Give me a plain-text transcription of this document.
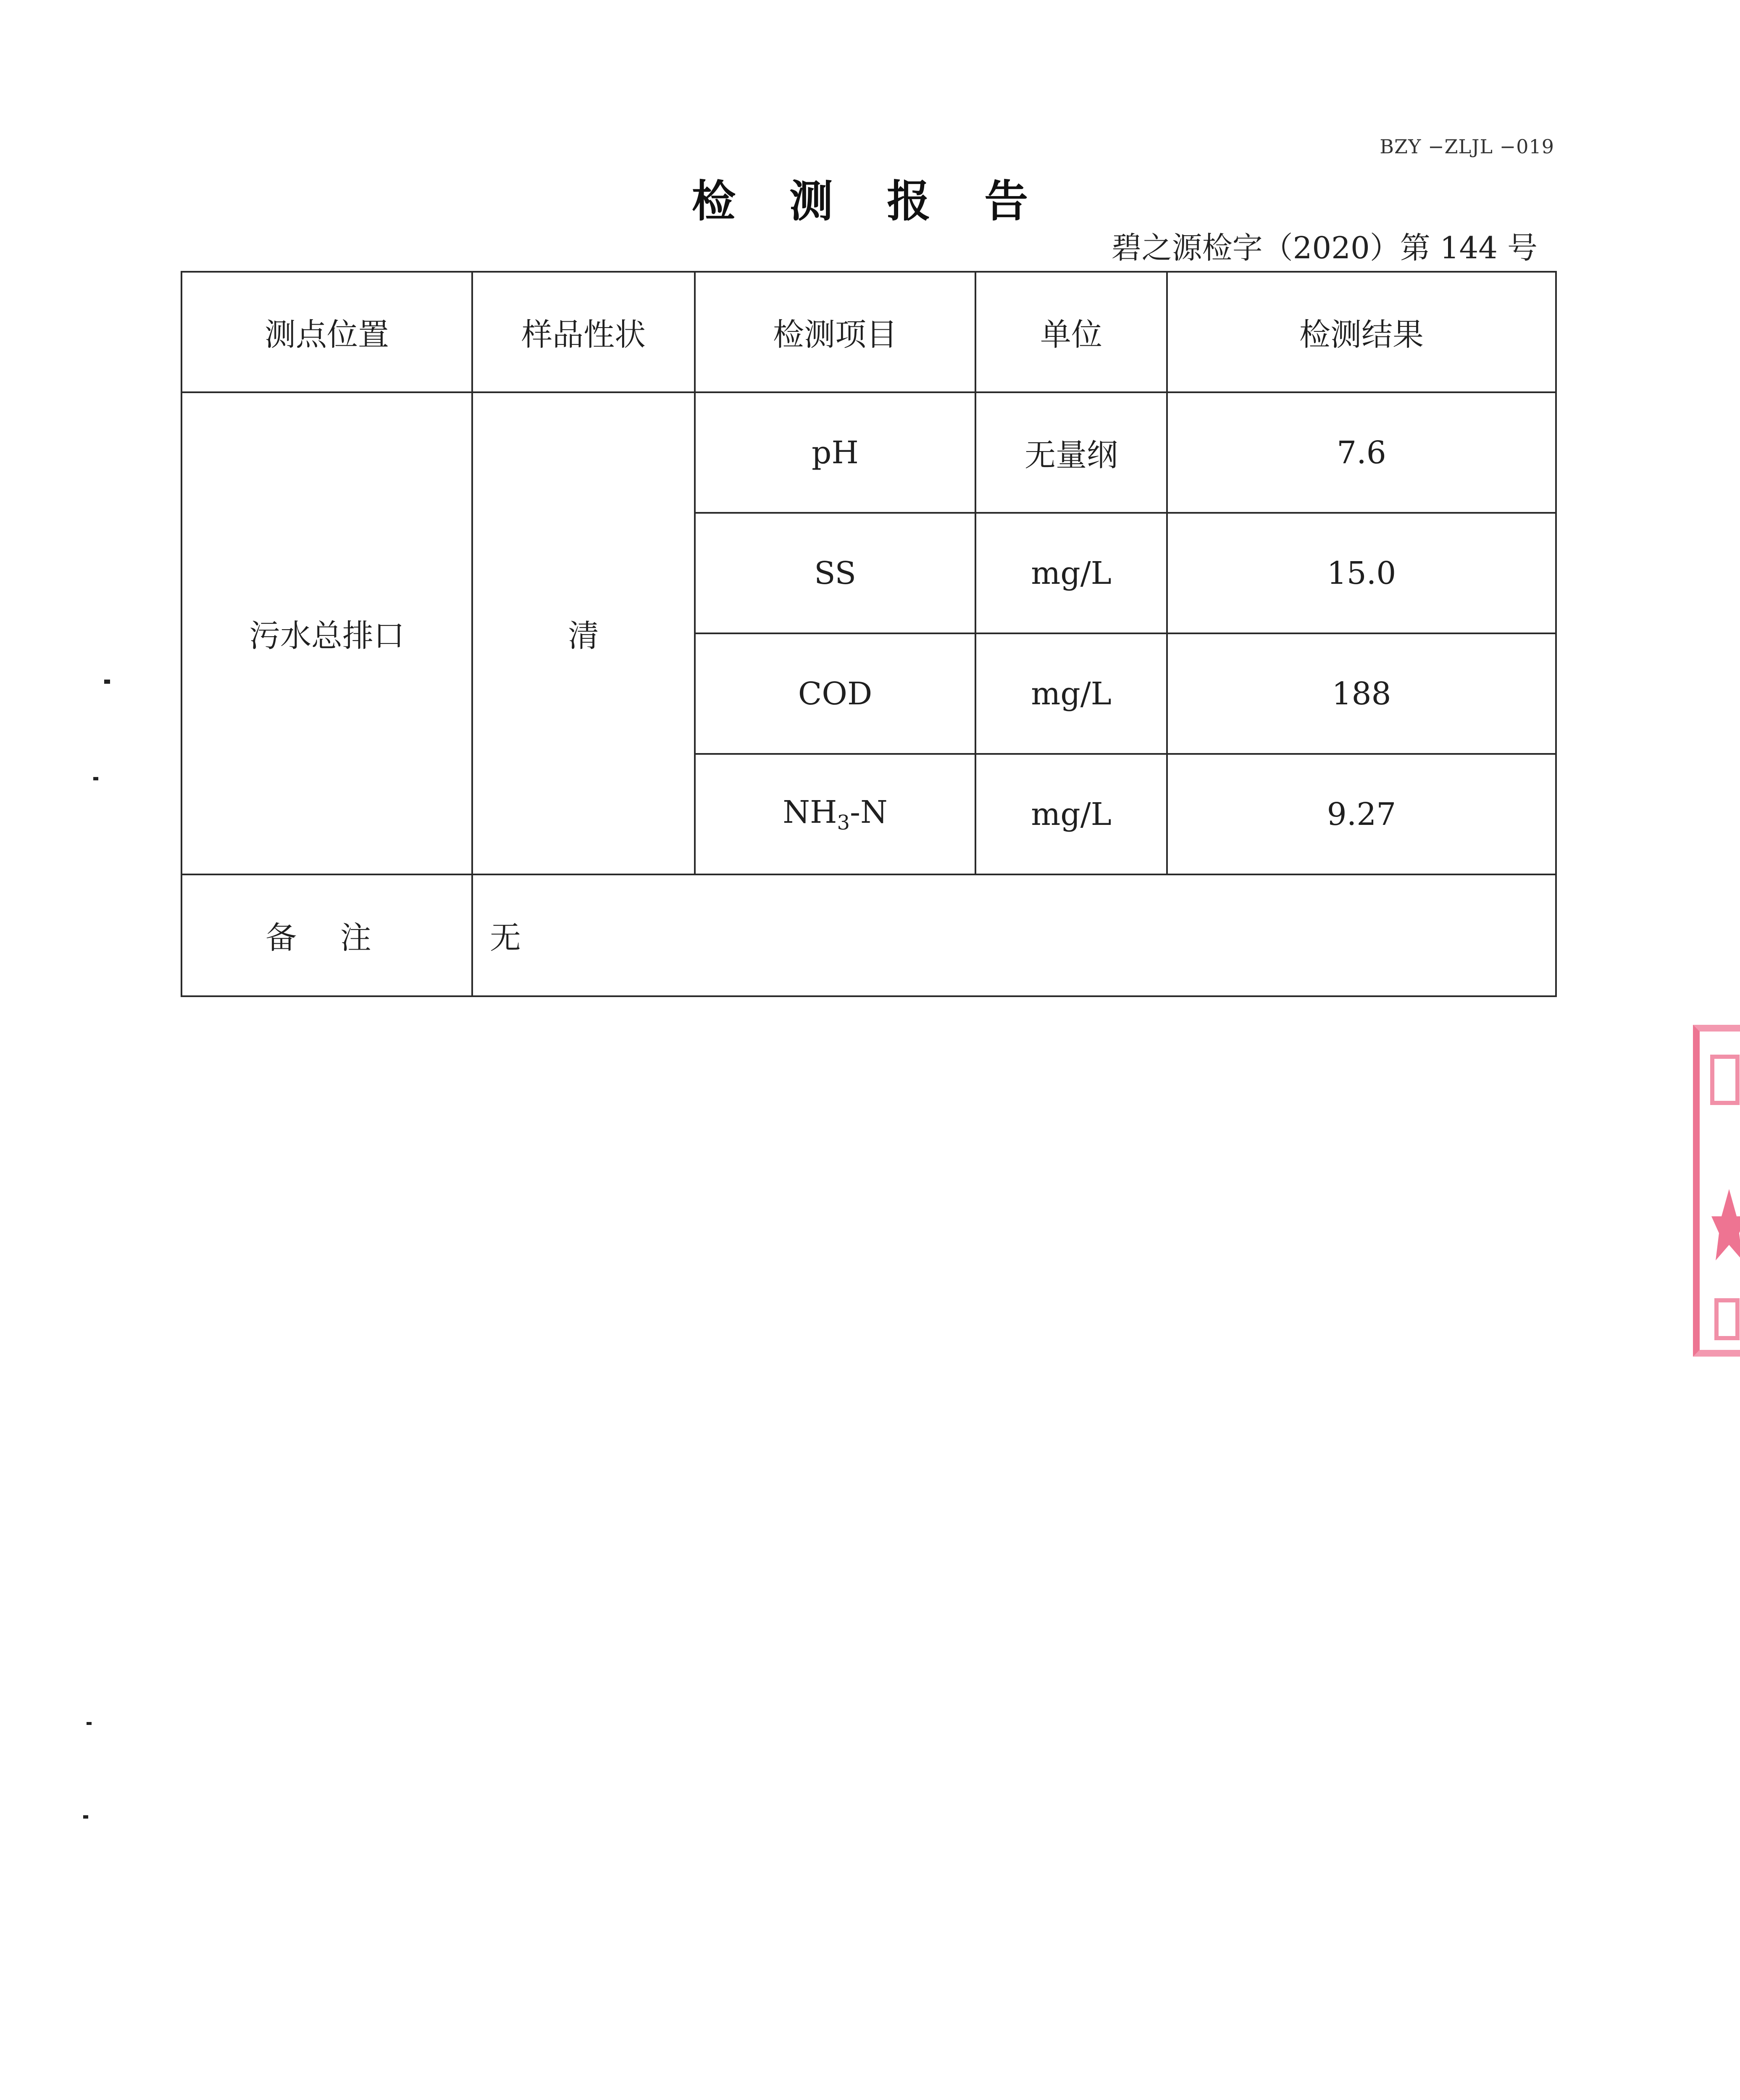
BZY −ZLJL −019
检 测 报 告
碧之源检字（2020）第 144 号
测点位置	样品性状	检测项目	单位	检测结果
污水总排口	清	pH	无量纲	7.6
		SS	mg/L	15.0
		COD	mg/L	188
		$NH_3-N$	mg/L	9.27
备 注	无			
